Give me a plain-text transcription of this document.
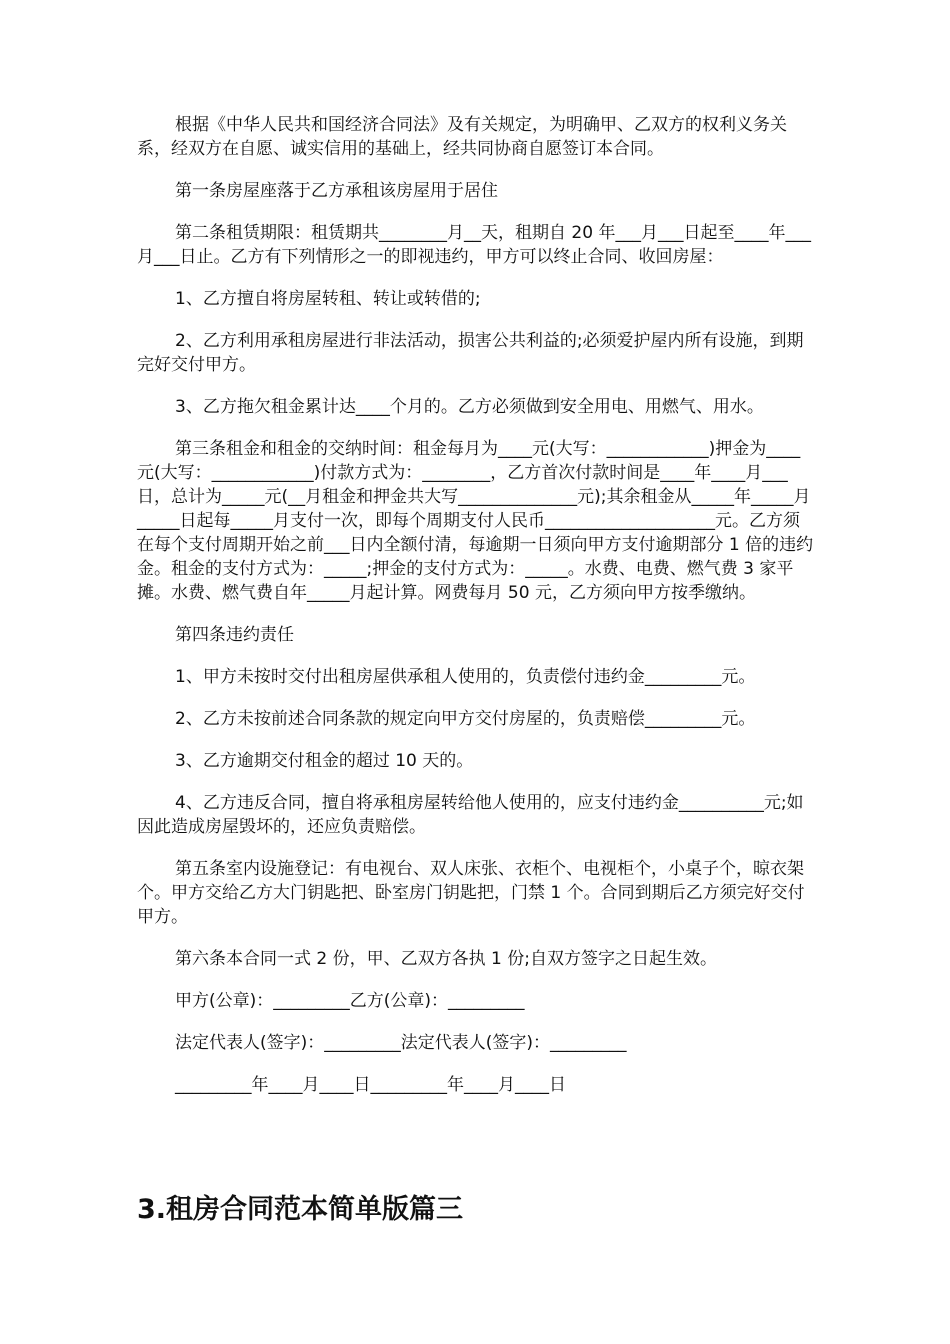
根据《中华人民共和国经济合同法》及有关规定，为明确甲、乙双方的权利义务关系，经双方在自愿、诚实信用的基础上，经共同协商自愿签订本合同。

第一条房屋座落于乙方承租该房屋用于居住

第二条租赁期限：租赁期共________月__天，租期自 20 年___月___日起至____年___月___日止。乙方有下列情形之一的即视违约，甲方可以终止合同、收回房屋：

1、乙方擅自将房屋转租、转让或转借的;

2、乙方利用承租房屋进行非法活动，损害公共利益的;必须爱护屋内所有设施，到期完好交付甲方。

3、乙方拖欠租金累计达____个月的。乙方必须做到安全用电、用燃气、用水。

第三条租金和租金的交纳时间：租金每月为____元(大写：____________)押金为____元(大写：____________)付款方式为：________，乙方首次付款时间是____年____月___日，总计为_____元(__月租金和押金共大写______________元);其余租金从_____年_____月_____日起每_____月支付一次，即每个周期支付人民币____________________元。乙方须在每个支付周期开始之前___日内全额付清，每逾期一日须向甲方支付逾期部分 1 倍的违约金。租金的支付方式为：_____;押金的支付方式为：_____。水费、电费、燃气费 3 家平摊。水费、燃气费自年_____月起计算。网费每月 50 元，乙方须向甲方按季缴纳。

第四条违约责任

1、甲方未按时交付出租房屋供承租人使用的，负责偿付违约金_________元。

2、乙方未按前述合同条款的规定向甲方交付房屋的，负责赔偿_________元。

3、乙方逾期交付租金的超过 10 天的。

4、乙方违反合同，擅自将承租房屋转给他人使用的，应支付违约金__________元;如因此造成房屋毁坏的，还应负责赔偿。

第五条室内设施登记：有电视台、双人床张、衣柜个、电视柜个，小桌子个，晾衣架个。甲方交给乙方大门钥匙把、卧室房门钥匙把，门禁 1 个。合同到期后乙方须完好交付甲方。

第六条本合同一式 2 份，甲、乙双方各执 1 份;自双方签字之日起生效。

甲方(公章)：_________乙方(公章)：_________

法定代表人(签字)：_________法定代表人(签字)：_________

_________年____月____日_________年____月____日

3.租房合同范本简单版篇三
